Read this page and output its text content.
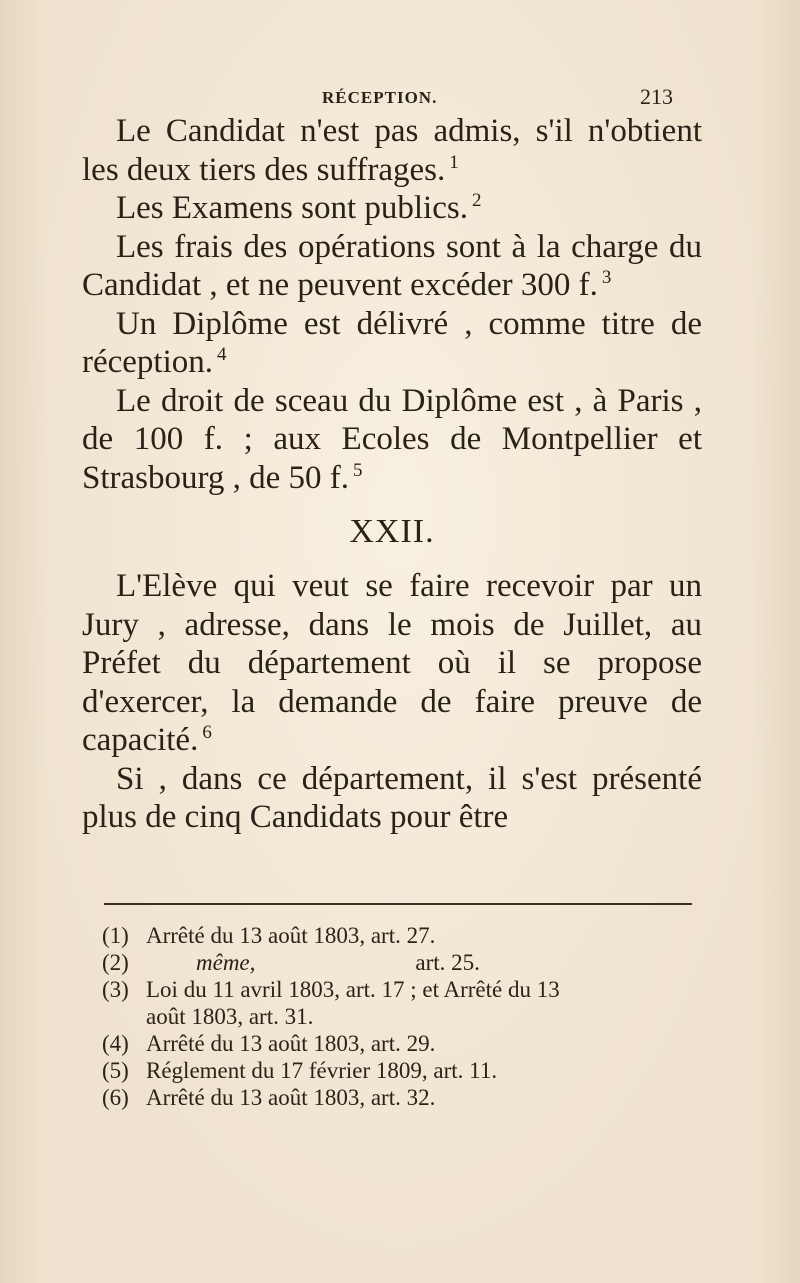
RÉCEPTION.	213

Le Candidat n'est pas admis, s'il n'obtient les deux tiers des suffrages. $^1$

Les Examens sont publics. $^2$

Les frais des opérations sont à la charge du Candidat , et ne peuvent excéder 300 f. $^3$

Un Diplôme est délivré , comme titre de réception. $^4$

Le droit de sceau du Diplôme est , à Paris , de 100 f. ; aux Ecoles de Montpellier et Strasbourg , de 50 f. $^5$

XXII.

L'Elève qui veut se faire recevoir par un Jury , adresse, dans le mois de Juillet, au Préfet du département où il se propose d'exercer, la demande de faire preuve de capacité. $^6$

Si , dans ce département, il s'est présenté plus de cinq Candidats pour être

(1) Arrêté du 13 août 1803, art. 27.

(2)	même,	art. 25.

(3) Loi du 11 avril 1803, art. 17 ; et Arrêté du 13
août 1803, art. 31.

(4) Arrêté du 13 août 1803, art. 29.

(5) Réglement du 17 février 1809, art. 11.

(6) Arrêté du 13 août 1803, art. 32.
